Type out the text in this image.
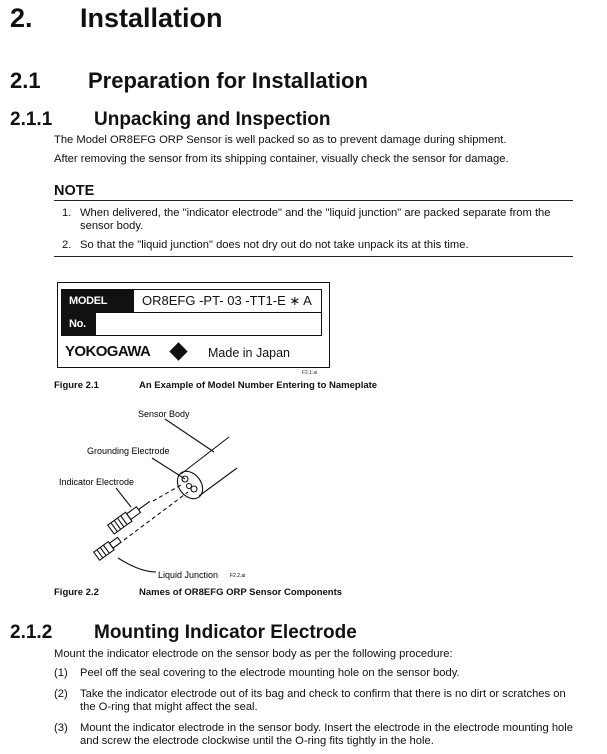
2. Installation
2.1 Preparation for Installation
2.1.1 Unpacking and Inspection
The Model OR8EFG ORP Sensor is well packed so as to prevent damage during shipment.
After removing the sensor from its shipping container, visually check the sensor for damage.
NOTE
1. When delivered, the "indicator electrode" and the "liquid junction" are packed separate from the sensor body.
2. So that the "liquid junction" does not dry out do not take unpack its at this time.
MODEL	OR8EFG -PT- 03 -TT1-E ∗ A
No.
YOKOGAWA	Made in Japan
F2.1.ai
Figure 2.1	An Example of Model Number Entering to Nameplate
Sensor Body
Grounding Electrode
Indicator Electrode
Liquid Junction F2.2.ai
Figure 2.2	Names of OR8EFG ORP Sensor Components
2.1.2 Mounting Indicator Electrode
Mount the indicator electrode on the sensor body as per the following procedure:
(1)	Peel off the seal covering to the electrode mounting hole on the sensor body.
(2)	Take the indicator electrode out of its bag and check to confirm that there is no dirt or scratches on the O-ring that might affect the seal.
(3)	Mount the indicator electrode in the sensor body. Insert the electrode in the electrode mounting hole and screw the electrode clockwise until the O-ring fits tightly in the hole.
